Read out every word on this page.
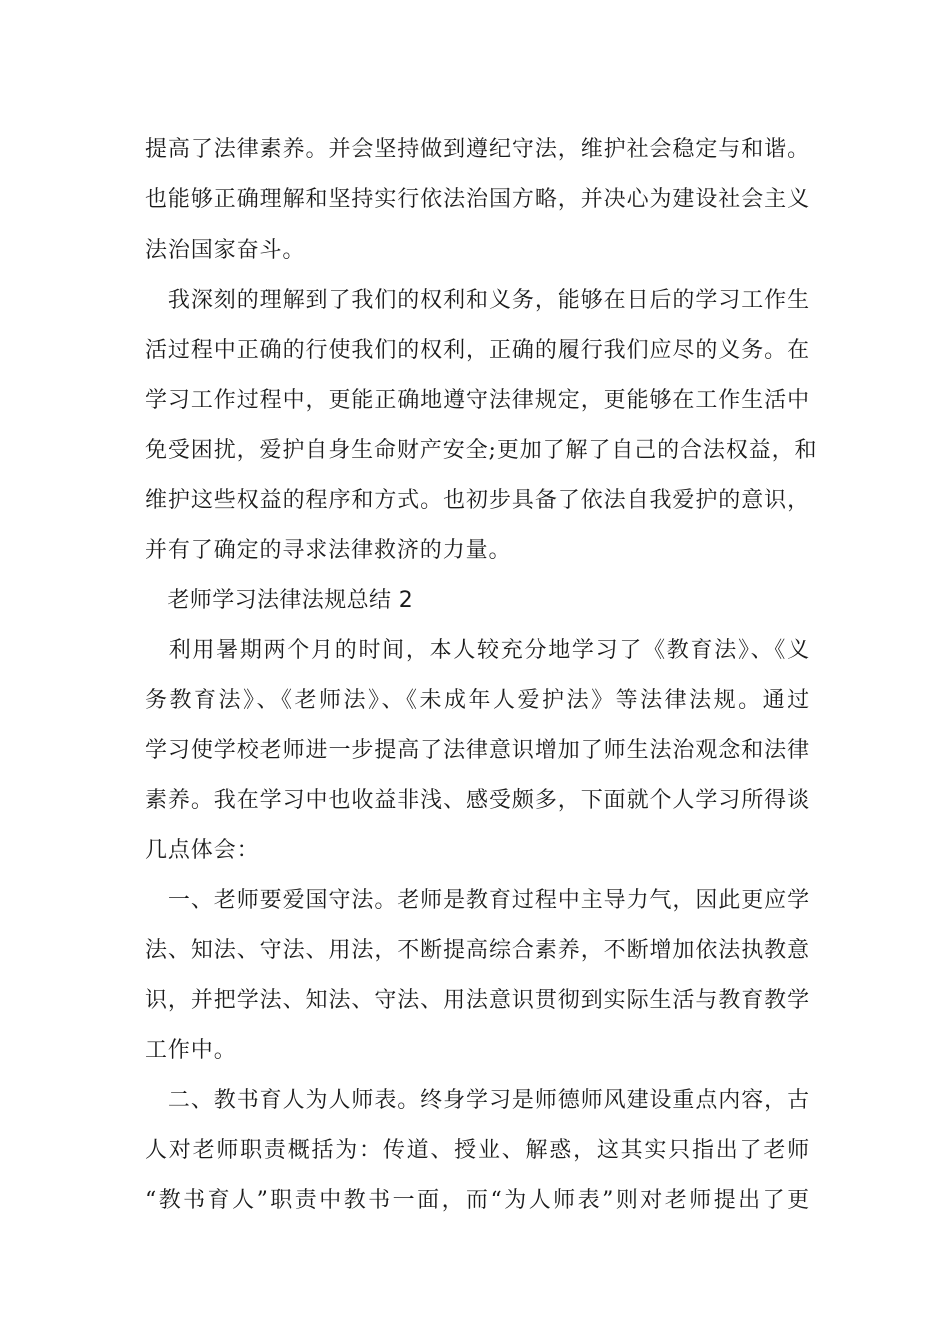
提高了法律素养。并会坚持做到遵纪守法，维护社会稳定与和谐。
也能够正确理解和坚持实行依法治国方略，并决心为建设社会主义
法治国家奋斗。
　我深刻的理解到了我们的权利和义务，能够在日后的学习工作生
活过程中正确的行使我们的权利，正确的履行我们应尽的义务。在
学习工作过程中，更能正确地遵守法律规定，更能够在工作生活中
免受困扰，爱护自身生命财产安全;更加了解了自己的合法权益，和
维护这些权益的程序和方式。也初步具备了依法自我爱护的意识，
并有了确定的寻求法律救济的力量。
　老师学习法律法规总结 2
　利用暑期两个月的时间，本人较充分地学习了《教育法》、《义
务教育法》、《老师法》、《未成年人爱护法》等法律法规。通过
学习使学校老师进一步提高了法律意识增加了师生法治观念和法律
素养。我在学习中也收益非浅、感受颇多，下面就个人学习所得谈
几点体会：
　一、老师要爱国守法。老师是教育过程中主导力气，因此更应学
法、知法、守法、用法，不断提高综合素养，不断增加依法执教意
识，并把学法、知法、守法、用法意识贯彻到实际生活与教育教学
工作中。
　二、教书育人为人师表。终身学习是师德师风建设重点内容，古
人对老师职责概括为：传道、授业、解惑，这其实只指出了老师
“教书育人”职责中教书一面，而“为人师表”则对老师提出了更
